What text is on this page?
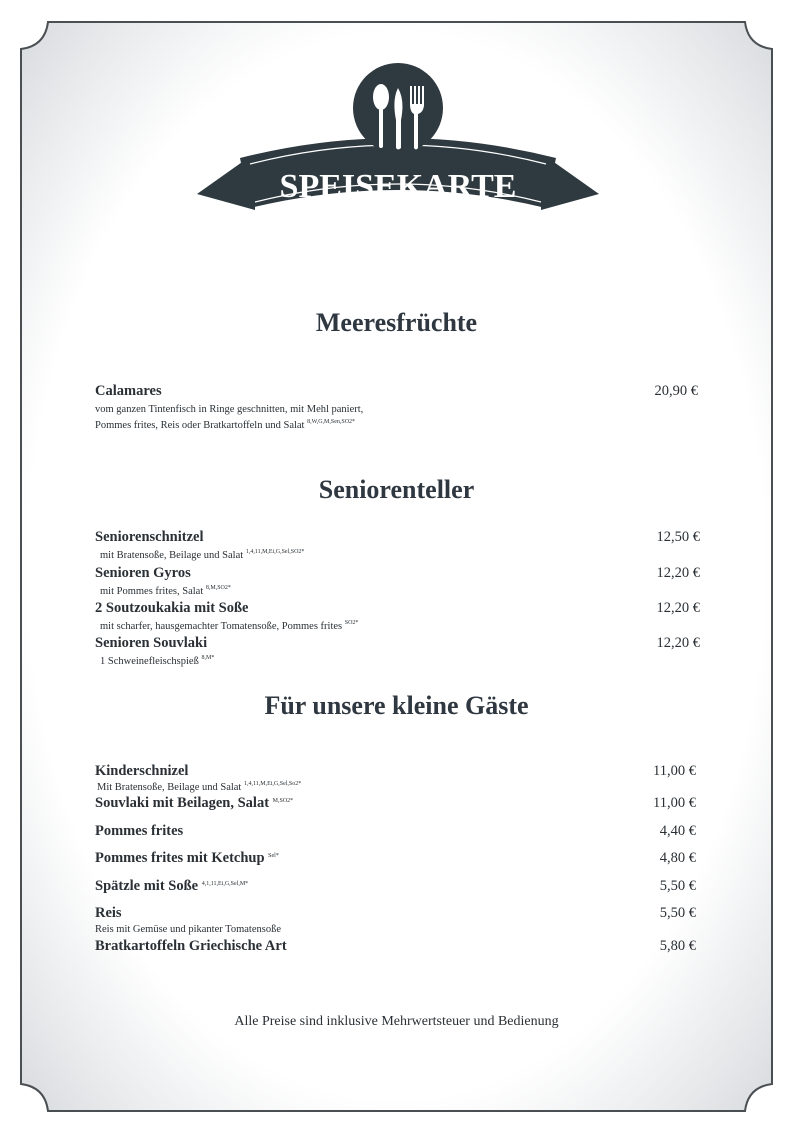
SPEISEKARTE
Meeresfrüchte
Calamares	20,90 €
vom ganzen Tintenfisch in Ringe geschnitten, mit Mehl paniert,
Pommes frites, Reis oder Bratkartoffeln und Salat $^{8,W,G,M,Sen,SO2*}$
Seniorenteller
Seniorenschnitzel	12,50 €
mit Bratensoße, Beilage und Salat $^{1,4,11,M,Ei,G,Sel,SO2*}$
Senioren Gyros	12,20 €
mit Pommes frites, Salat $^{8,M,SO2*}$
2 Soutzoukakia mit Soße	12,20 €
mit scharfer, hausgemachter Tomatensoße, Pommes frites $^{SO2*}$
Senioren Souvlaki	12,20 €
1 Schweinefleischspieß $^{8,M*}$
Für unsere kleine Gäste
Kinderschnizel	11,00 €
Mit Bratensoße, Beilage und Salat $^{1,4,11,M,Ei,G,Sel,So2*}$
Souvlaki mit Beilagen, Salat $^{M,SO2*}$	11,00 €
Pommes frites	4,40 €
Pommes frites mit Ketchup $^{Sel*}$	4,80 €
Spätzle mit Soße $^{4,1,11,Ei,G,Sel,M*}$	5,50 €
Reis	5,50 €
Reis mit Gemüse und pikanter Tomatensoße
Bratkartoffeln Griechische Art	5,80 €
Alle Preise sind inklusive Mehrwertsteuer und Bedienung
